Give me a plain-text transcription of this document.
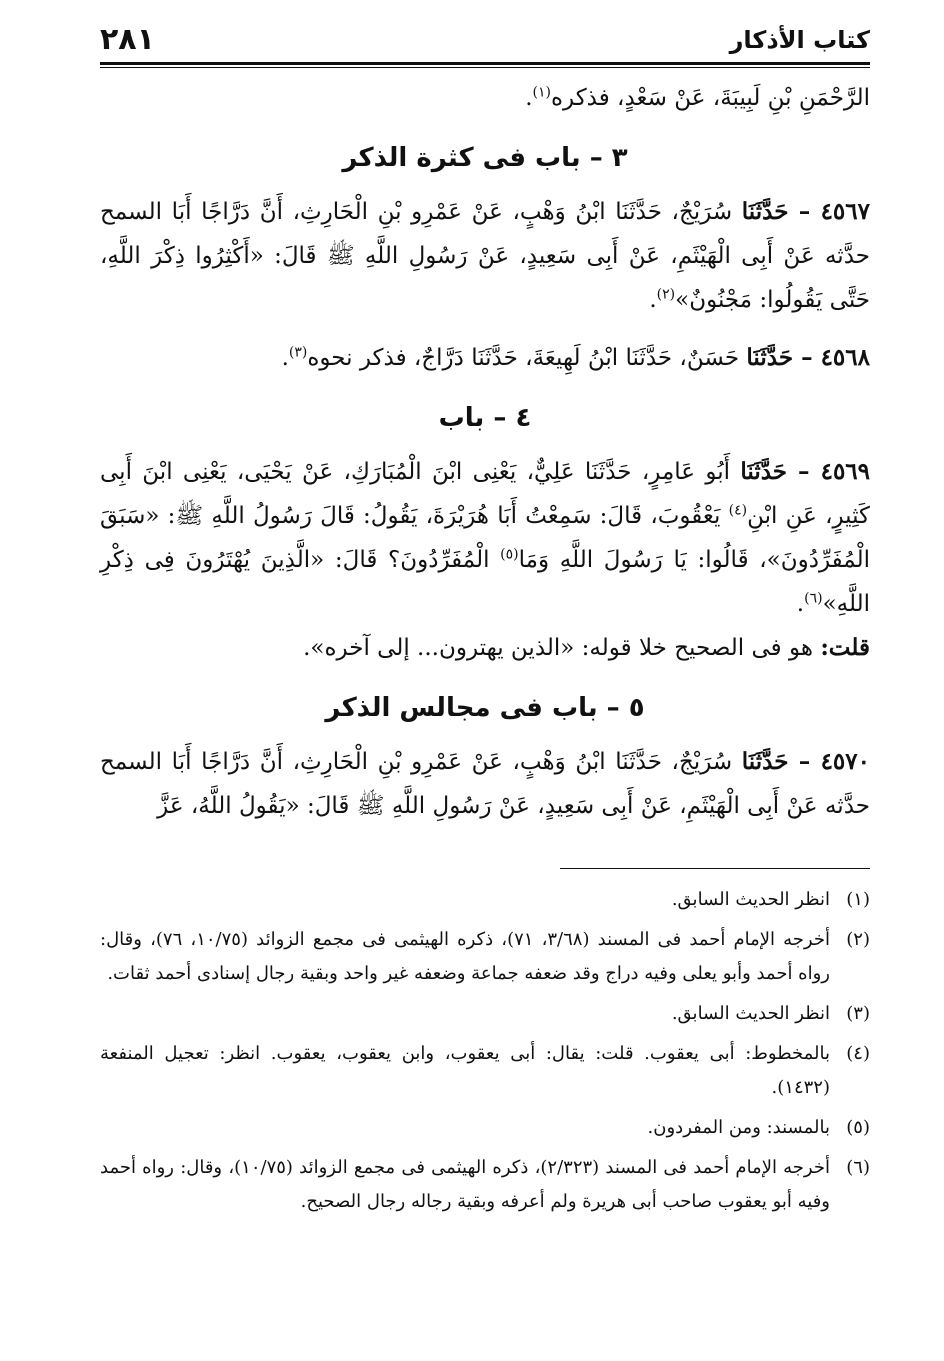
كتاب الأذكار
٢٨١

الرَّحْمَنِ بْنِ لَبِيبَةَ، عَنْ سَعْدٍ، فذكره$^{(١)}$.

٣ – باب فى كثرة الذكر

٤٥٦٧ – حَدَّثَنَا سُرَيْجٌ، حَدَّثَنَا ابْنُ وَهْبٍ، عَنْ عَمْرِو بْنِ الْحَارِثِ، أَنَّ دَرَّاجًا أَبَا السمح حدَّثه عَنْ أَبِى الْهَيْثَمِ، عَنْ أَبِى سَعِيدٍ، عَنْ رَسُولِ اللَّهِ ﷺ قَالَ: «أَكْثِرُوا ذِكْرَ اللَّهِ، حَتَّى يَقُولُوا: مَجْنُونٌ»$^{(٢)}$.

٤٥٦٨ – حَدَّثَنَا حَسَنٌ، حَدَّثَنَا ابْنُ لَهِيعَةَ، حَدَّثَنَا دَرَّاجٌ، فذكر نحوه$^{(٣)}$.

٤ – باب

٤٥٦٩ – حَدَّثَنَا أَبُو عَامِرٍ، حَدَّثَنَا عَلِيٌّ، يَعْنِى ابْنَ الْمُبَارَكِ، عَنْ يَحْيَى، يَعْنِى ابْنَ أَبِى كَثِيرٍ، عَنِ ابْنِ$^{(٤)}$ يَعْقُوبَ، قَالَ: سَمِعْتُ أَبَا هُرَيْرَةَ، يَقُولُ: قَالَ رَسُولُ اللَّهِ ﷺ: «سَبَقَ الْمُفَرِّدُونَ»، قَالُوا: يَا رَسُولَ اللَّهِ وَمَا$^{(٥)}$ الْمُفَرِّدُونَ؟ قَالَ: «الَّذِينَ يُهْتَرُونَ فِى ذِكْرِ اللَّهِ»$^{(٦)}$.

قلت: هو فى الصحيح خلا قوله: «الذين يهترون... إلى آخره».

٥ – باب فى مجالس الذكر

٤٥٧٠ – حَدَّثَنَا سُرَيْجٌ، حَدَّثَنَا ابْنُ وَهْبٍ، عَنْ عَمْرِو بْنِ الْحَارِثِ، أَنَّ دَرَّاجًا أَبَا السمح حدَّثه عَنْ أَبِى الْهَيْثَمِ، عَنْ أَبِى سَعِيدٍ، عَنْ رَسُولِ اللَّهِ ﷺ قَالَ: «يَقُولُ اللَّهُ، عَزَّ

(١)
انظر الحديث السابق.
(٢)
أخرجه الإمام أحمد فى المسند (٣/٦٨، ٧١)، ذكره الهيثمى فى مجمع الزوائد (١٠/٧٥، ٧٦)، وقال: رواه أحمد وأبو يعلى وفيه دراج وقد ضعفه جماعة وضعفه غير واحد وبقية رجال إسنادى أحمد ثقات.
(٣)
انظر الحديث السابق.
(٤)
بالمخطوط: أبى يعقوب. قلت: يقال: أبى يعقوب، وابن يعقوب، يعقوب. انظر: تعجيل المنفعة (١٤٣٢).
(٥)
بالمسند: ومن المفردون.
(٦)
أخرجه الإمام أحمد فى المسند (٢/٣٢٣)، ذكره الهيثمى فى مجمع الزوائد (١٠/٧٥)، وقال: رواه أحمد وفيه أبو يعقوب صاحب أبى هريرة ولم أعرفه وبقية رجاله رجال الصحيح.
